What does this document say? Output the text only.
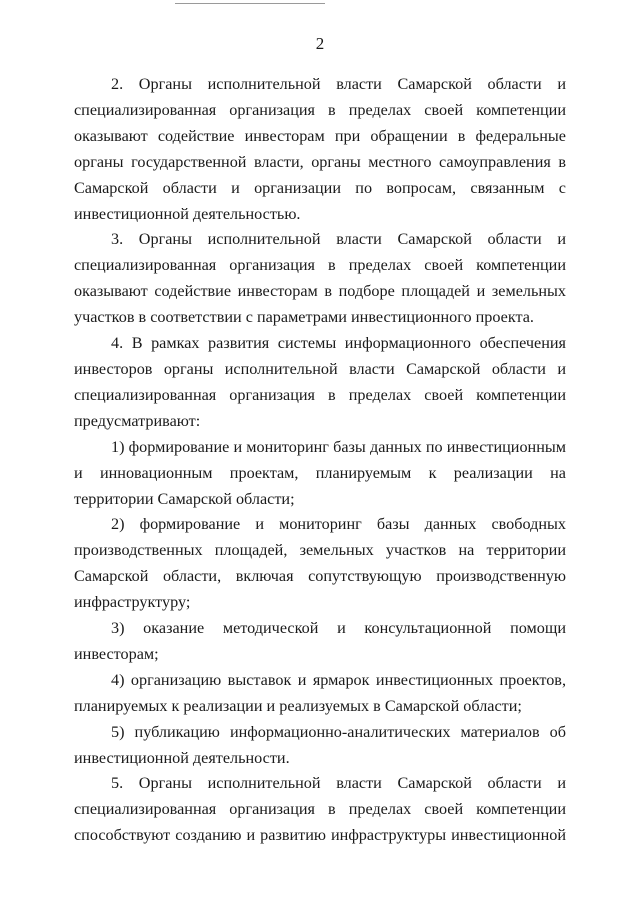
2

2. Органы исполнительной власти Самарской области и специализированная организация в пределах своей компетенции оказывают содействие инвесторам при обращении в федеральные органы государственной власти, органы местного самоуправления в Самарской области и организации по вопросам, связанным с инвестиционной деятельностью.

3. Органы исполнительной власти Самарской области и специализированная организация в пределах своей компетенции оказывают содействие инвесторам в подборе площадей и земельных участков в соответствии с параметрами инвестиционного проекта.

4. В рамках развития системы информационного обеспечения инвесторов органы исполнительной власти Самарской области и специализированная организация в пределах своей компетенции предусматривают:

1) формирование и мониторинг базы данных по инвестиционным и инновационным проектам, планируемым к реализации на территории Самарской области;

2) формирование и мониторинг базы данных свободных производственных площадей, земельных участков на территории Самарской области, включая сопутствующую производственную инфраструктуру;

3) оказание методической и консультационной помощи инвесторам;

4) организацию выставок и ярмарок инвестиционных проектов, планируемых к реализации и реализуемых в Самарской области;

5) публикацию информационно-аналитических материалов об инвестиционной деятельности.

5. Органы исполнительной власти Самарской области и специализированная организация в пределах своей компетенции способствуют созданию и развитию инфраструктуры инвестиционной
